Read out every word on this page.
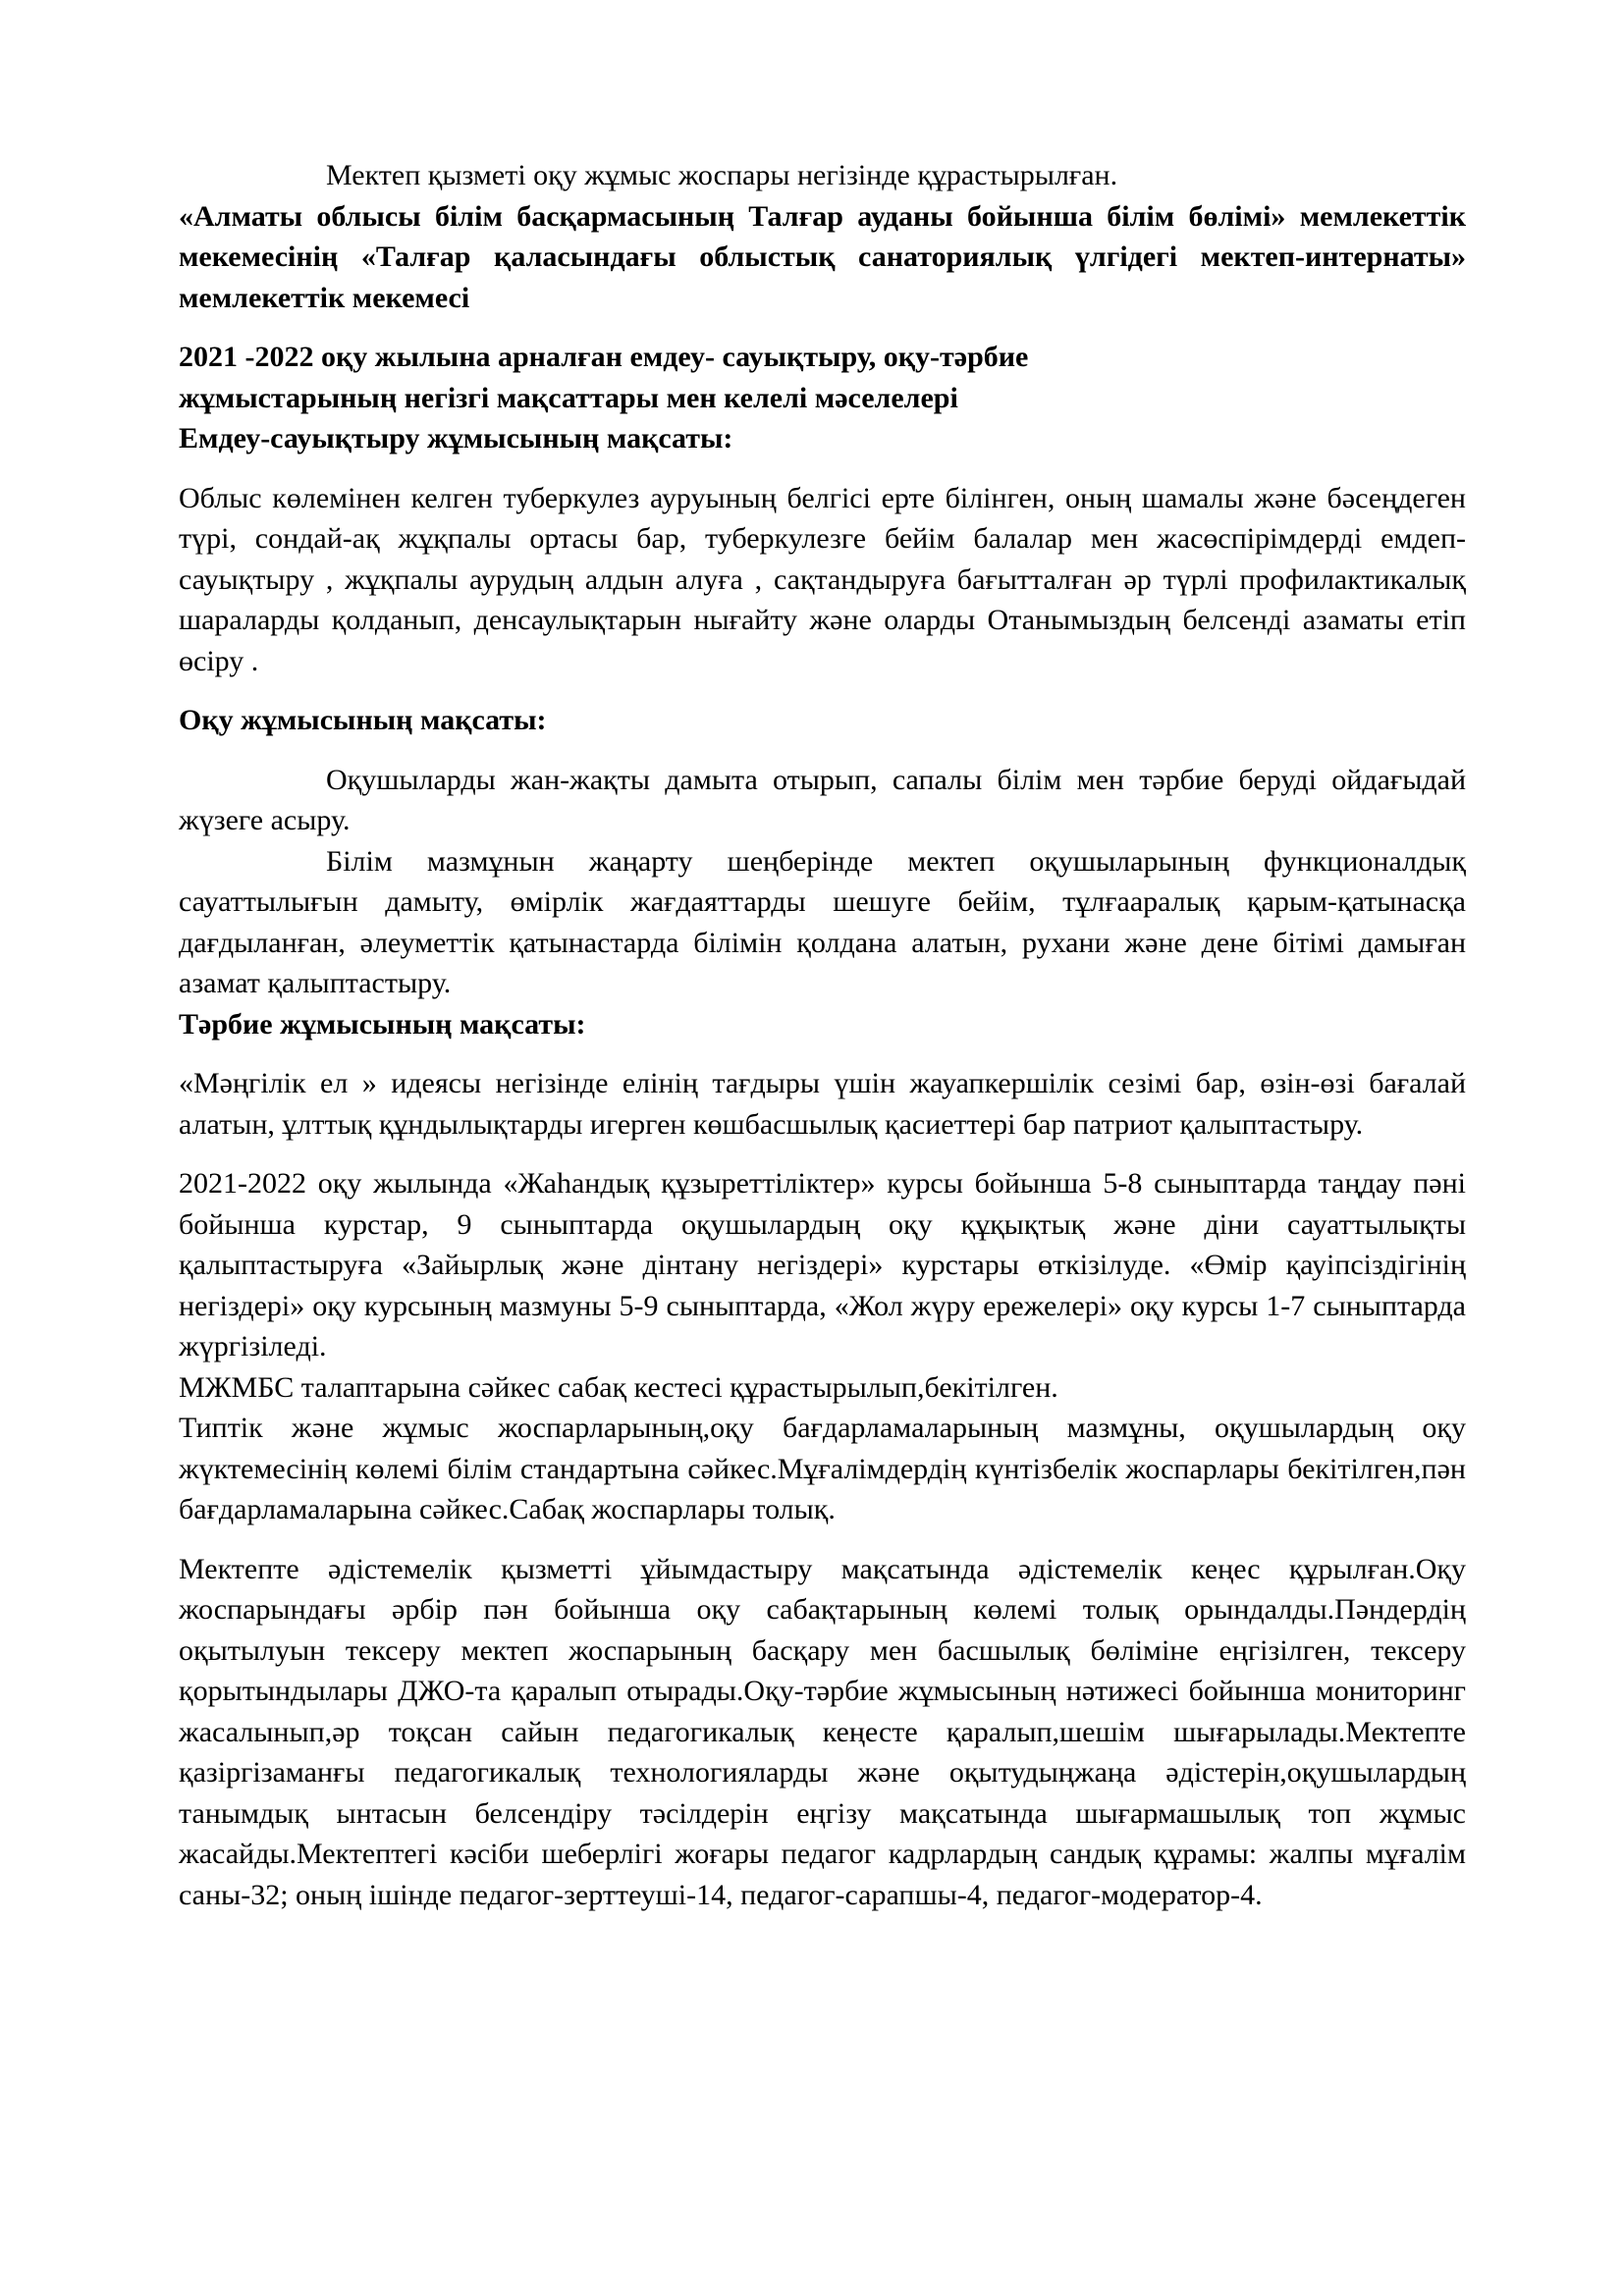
Мектеп қызметі оқу жұмыс жоспары негізінде құрастырылған.

«Алматы облысы білім басқармасының Талғар ауданы бойынша білім бөлімі» мемлекеттік мекемесінің «Талғар қаласындағы облыстық санаториялық үлгідегі мектеп-интернаты» мемлекеттік мекемесі

2021 -2022 оқу жылына арналған емдеу- сауықтыру, оқу-тәрбие
жұмыстарының негізгі мақсаттары мен келелі мәселелері

Емдеу-сауықтыру жұмысының мақсаты:

Облыс көлемінен келген туберкулез ауруының белгісі ерте білінген, оның шамалы және бәсеңдеген түрі, сондай-ақ жұқпалы ортасы бар, туберкулезге бейім балалар мен жасөспірімдерді емдеп-сауықтыру , жұқпалы аурудың алдын алуға , сақтандыруға бағытталған әр түрлі профилактикалық шараларды қолданып, денсаулықтарын нығайту және оларды Отанымыздың белсенді азаматы етіп өсіру .

Оқу жұмысының мақсаты:

Оқушыларды жан-жақты дамыта отырып, сапалы білім мен тәрбие беруді ойдағыдай жүзеге асыру.

Білім мазмұнын жаңарту шеңберінде мектеп оқушыларының функционалдық сауаттылығын дамыту, өмірлік жағдаяттарды шешуге бейім, тұлғааралық қарым-қатынасқа дағдыланған, әлеуметтік қатынастарда білімін қолдана алатын, рухани және дене бітімі дамыған азамат қалыптастыру.

Тәрбие жұмысының мақсаты:

«Мәңгілік ел » идеясы негізінде елінің тағдыры үшін жауапкершілік сезімі бар, өзін-өзі бағалай алатын, ұлттық құндылықтарды игерген көшбасшылық қасиеттері бар патриот қалыптастыру.

2021-2022 оқу жылында «Жаһандық құзыреттіліктер» курсы бойынша 5-8 сыныптарда таңдау пәні бойынша курстар, 9 сыныптарда оқушылардың оқу құқықтық және діни сауаттылықты қалыптастыруға «Зайырлық және дінтану негіздері» курстары өткізілуде. «Өмір қауіпсіздігінің негіздері» оқу курсының мазмуны 5-9 сыныптарда, «Жол жүру ережелері» оқу курсы 1-7 сыныптарда жүргізіледі.

МЖМБС талаптарына сәйкес сабақ кестесі құрастырылып,бекітілген.

Типтік және жұмыс жоспарларының,оқу бағдарламаларының мазмұны, оқушылардың оқу жүктемесінің көлемі білім стандартына сәйкес.Мұғалімдердің күнтізбелік жоспарлары бекітілген,пән бағдарламаларына сәйкес.Сабақ жоспарлары толық.

Мектепте әдістемелік қызметті ұйымдастыру мақсатында әдістемелік кеңес құрылған.Оқу жоспарындағы әрбір пән бойынша оқу сабақтарының көлемі толық орындалды.Пәндердің оқытылуын тексеру мектеп жоспарының басқару мен басшылық бөліміне еңгізілген, тексеру қорытындылары ДЖО-та қаралып отырады.Оқу-тәрбие жұмысының нәтижесі бойынша мониторинг жасалынып,әр тоқсан сайын педагогикалық кеңесте қаралып,шешім шығарылады.Мектепте қазіргізаманғы педагогикалық технологияларды және оқытудыңжаңа әдістерін,оқушылардың танымдық ынтасын белсендіру тәсілдерін еңгізу мақсатында шығармашылық топ жұмыс жасайды.Мектептегі кәсіби шеберлігі жоғары педагог кадрлардың сандық құрамы: жалпы мұғалім саны-32; оның ішінде педагог-зерттеуші-14, педагог-сарапшы-4, педагог-модератор-4.
